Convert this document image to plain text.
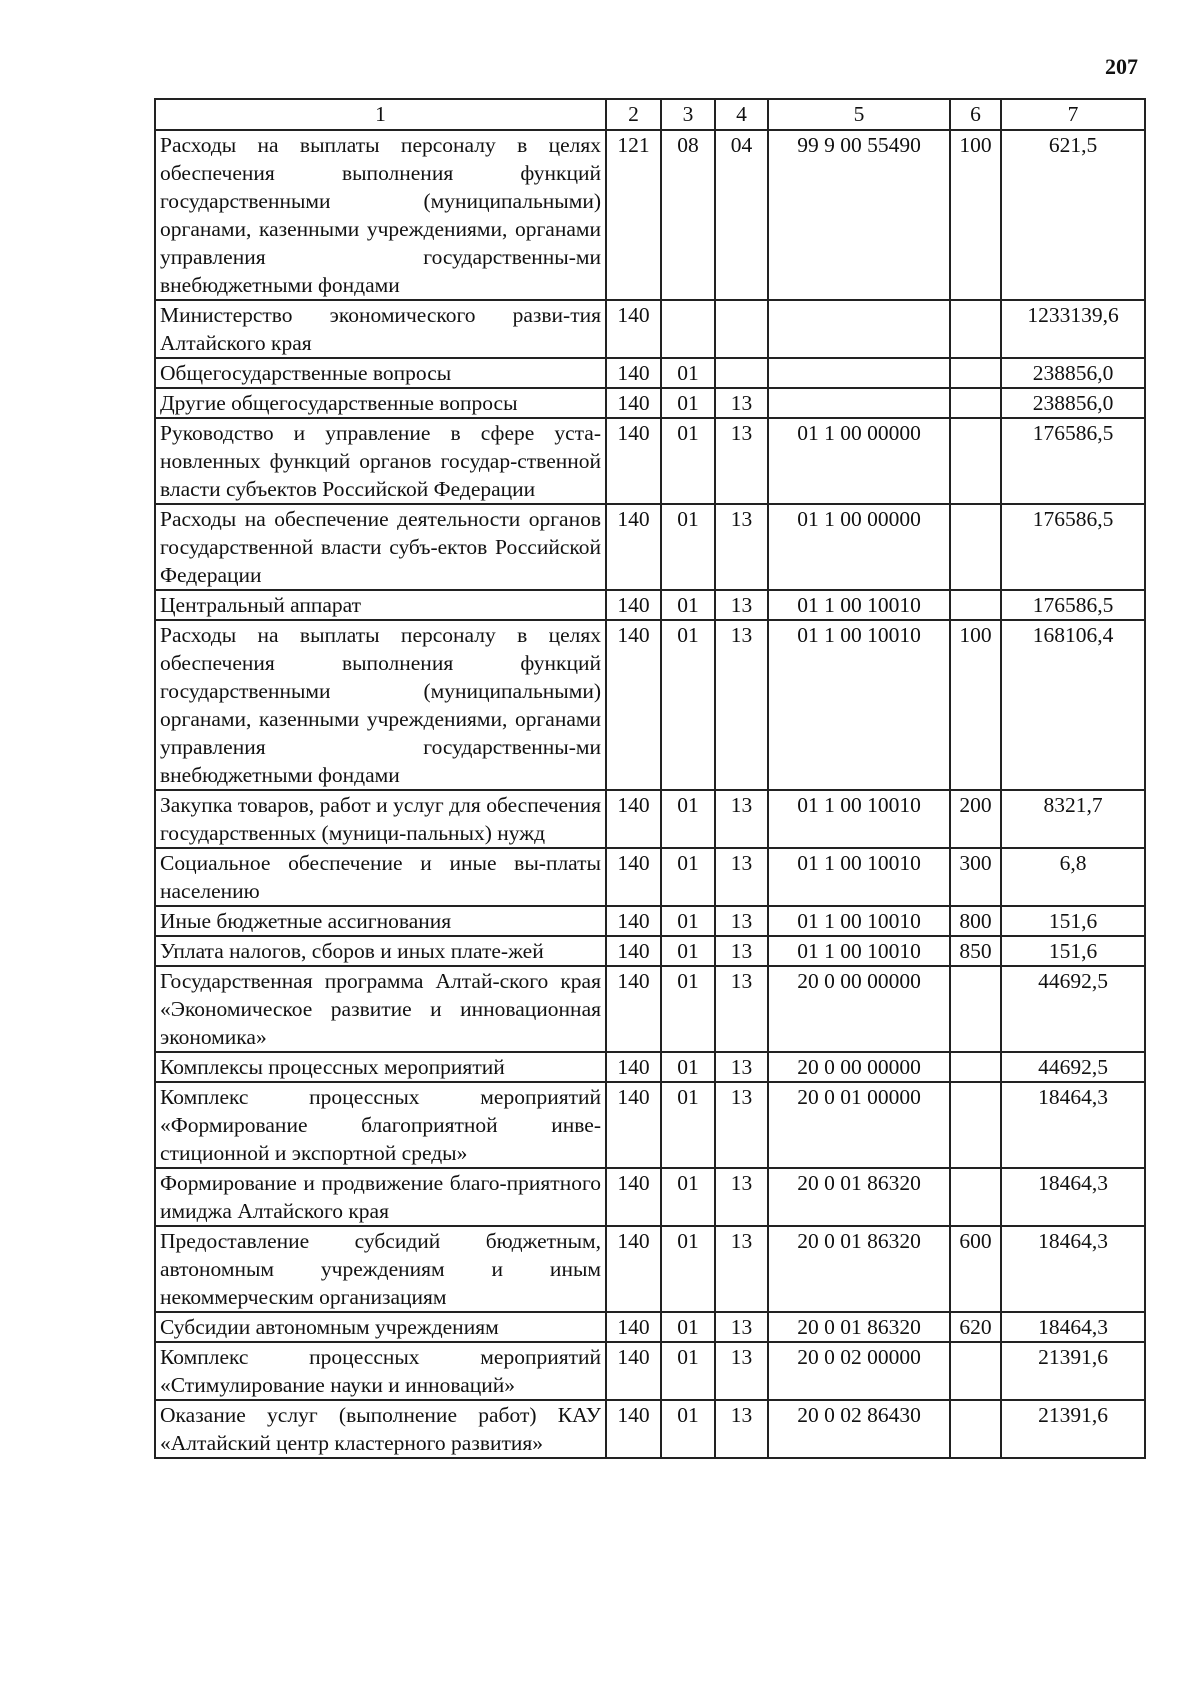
207
1	2	3	4	5	6	7
Расходы на выплаты персоналу в целях обеспечения выполнения функций государственными (муниципальными) органами, казенными учреждениями, органами управления государственны-ми внебюджетными фондами	121	08	04	99 9 00 55490	100	621,5
Министерство экономического разви-тия Алтайского края	140					1233139,6
Общегосударственные вопросы	140	01				238856,0
Другие общегосударственные вопросы	140	01	13			238856,0
Руководство и управление в сфере уста-новленных функций органов государ-ственной власти субъектов Российской Федерации	140	01	13	01 1 00 00000		176586,5
Расходы на обеспечение деятельности органов государственной власти субъ-ектов Российской Федерации	140	01	13	01 1 00 00000		176586,5
Центральный аппарат	140	01	13	01 1 00 10010		176586,5
Расходы на выплаты персоналу в целях обеспечения выполнения функций государственными (муниципальными) органами, казенными учреждениями, органами управления государственны-ми внебюджетными фондами	140	01	13	01 1 00 10010	100	168106,4
Закупка товаров, работ и услуг для обеспечения государственных (муници-пальных) нужд	140	01	13	01 1 00 10010	200	8321,7
Социальное обеспечение и иные вы-платы населению	140	01	13	01 1 00 10010	300	6,8
Иные бюджетные ассигнования	140	01	13	01 1 00 10010	800	151,6
Уплата налогов, сборов и иных плате-жей	140	01	13	01 1 00 10010	850	151,6
Государственная программа Алтай-ского края «Экономическое развитие и инновационная экономика»	140	01	13	20 0 00 00000		44692,5
Комплексы процессных мероприятий	140	01	13	20 0 00 00000		44692,5
Комплекс процессных мероприятий «Формирование благоприятной инве-стиционной и экспортной среды»	140	01	13	20 0 01 00000		18464,3
Формирование и продвижение благо-приятного имиджа Алтайского края	140	01	13	20 0 01 86320		18464,3
Предоставление субсидий бюджетным, автономным учреждениям и иным некоммерческим организациям	140	01	13	20 0 01 86320	600	18464,3
Субсидии автономным учреждениям	140	01	13	20 0 01 86320	620	18464,3
Комплекс процессных мероприятий «Стимулирование науки и инноваций»	140	01	13	20 0 02 00000		21391,6
Оказание услуг (выполнение работ) КАУ «Алтайский центр кластерного развития»	140	01	13	20 0 02 86430		21391,6
